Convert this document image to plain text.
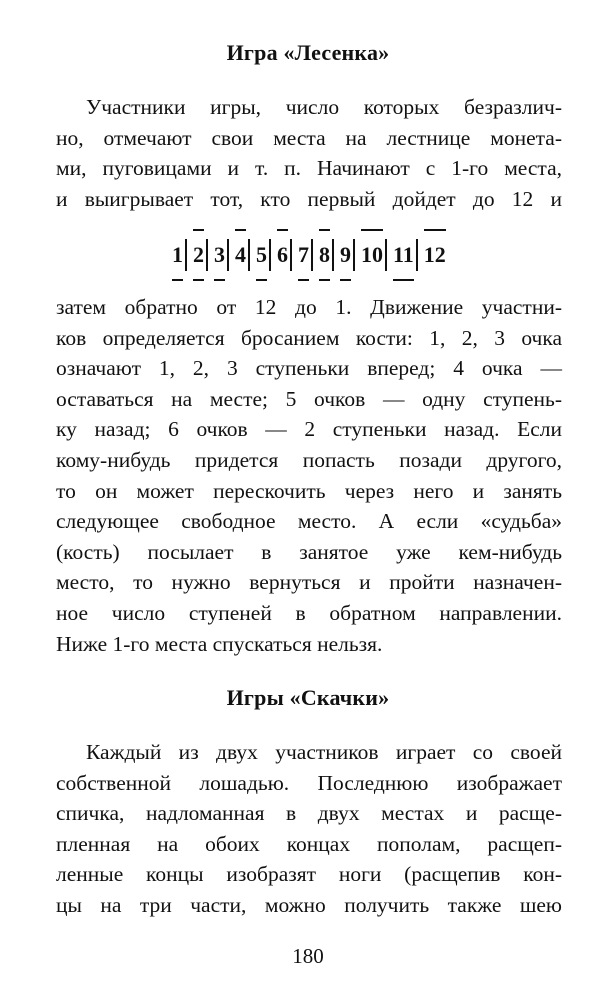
Игра «Лесенка»
Участники игры, число которых безразлич-
но, отмечают свои места на лестнице монета-
ми, пуговицами и т. п. Начинают с 1-го места,
и выигрывает тот, кто первый дойдет до 12 и
1 2 3 4 5 6 7 8 9 10 11 12
затем обратно от 12 до 1. Движение участни-
ков определяется бросанием кости: 1, 2, 3 очка
означают 1, 2, 3 ступеньки вперед; 4 очка —
оставаться на месте; 5 очков — одну ступень-
ку назад; 6 очков — 2 ступеньки назад. Если
кому-нибудь придется попасть позади другого,
то он может перескочить через него и занять
следующее свободное место. А если «судьба»
(кость) посылает в занятое уже кем-нибудь
место, то нужно вернуться и пройти назначен-
ное число ступеней в обратном направлении.
Ниже 1-го места спускаться нельзя.
Игры «Скачки»
Каждый из двух участников играет со своей
собственной лошадью. Последнюю изображает
спичка, надломанная в двух местах и расще-
пленная на обоих концах пополам, расщеп-
ленные концы изобразят ноги (расщепив кон-
цы на три части, можно получить также шею
180
